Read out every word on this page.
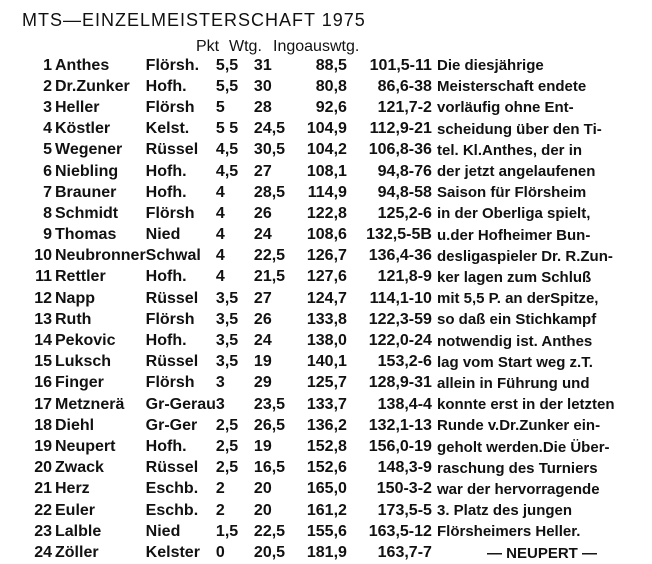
MTS—EINZELMEISTERSCHAFT 1975
Pkt Wtg. Ingoauswtg.
1	Anthes	Flörsh.	5,5	31	88,5	101,5-11
2	Dr.Zunker	Hofh.	5,5	30	80,8	86,6-38
3	Heller	Flörsh	5	28	92,6	121,7-2
4	Köstler	Kelst.	5 5	24,5	104,9	112,9-21
5	Wegener	Rüssel	4,5	30,5	104,2	106,8-36
6	Niebling	Hofh.	4,5	27	108,1	94,8-76
7	Brauner	Hofh.	4	28,5	114,9	94,8-58
8	Schmidt	Flörsh	4	26	122,8	125,2-6
9	Thomas	Nied	4	24	108,6	132,5-5B
10	Neubronner	Schwal	4	22,5	126,7	136,4-36
11	Rettler	Hofh.	4	21,5	127,6	121,8-9
12	Napp	Rüssel	3,5	27	124,7	114,1-10
13	Ruth	Flörsh	3,5	26	133,8	122,3-59
14	Pekovic	Hofh.	3,5	24	138,0	122,0-24
15	Luksch	Rüssel	3,5	19	140,1	153,2-6
16	Finger	Flörsh	3	29	125,7	128,9-31
17	Metznerä	Gr-Gerau	3	23,5	133,7	138,4-4
18	Diehl	Gr-Ger	2,5	26,5	136,2	132,1-13
19	Neupert	Hofh.	2,5	19	152,8	156,0-19
20	Zwack	Rüssel	2,5	16,5	152,6	148,3-9
21	Herz	Eschb.	2	20	165,0	150-3-2
22	Euler	Eschb.	2	20	161,2	173,5-5
23	Lalble	Nied	1,5	22,5	155,6	163,5-12
24	Zöller	Kelster	0	20,5	181,9	163,7-7
Die diesjährige
Meisterschaft endete
vorläufig ohne Ent-
scheidung über den Ti-
tel. Kl.Anthes, der in
der jetzt angelaufenen
Saison für Flörsheim
in der Oberliga spielt,
u.der Hofheimer Bun-
desligaspieler Dr. R.Zun-
ker lagen zum Schluß
mit 5,5 P. an derSpitze,
so daß ein Stichkampf
notwendig ist. Anthes
lag vom Start weg z.T.
allein in Führung und
konnte erst in der letzten
Runde v.Dr.Zunker ein-
geholt werden.Die Über-
raschung des Turniers
war der hervorragende
3. Platz des jungen
Flörsheimers Heller.
— NEUPERT —
